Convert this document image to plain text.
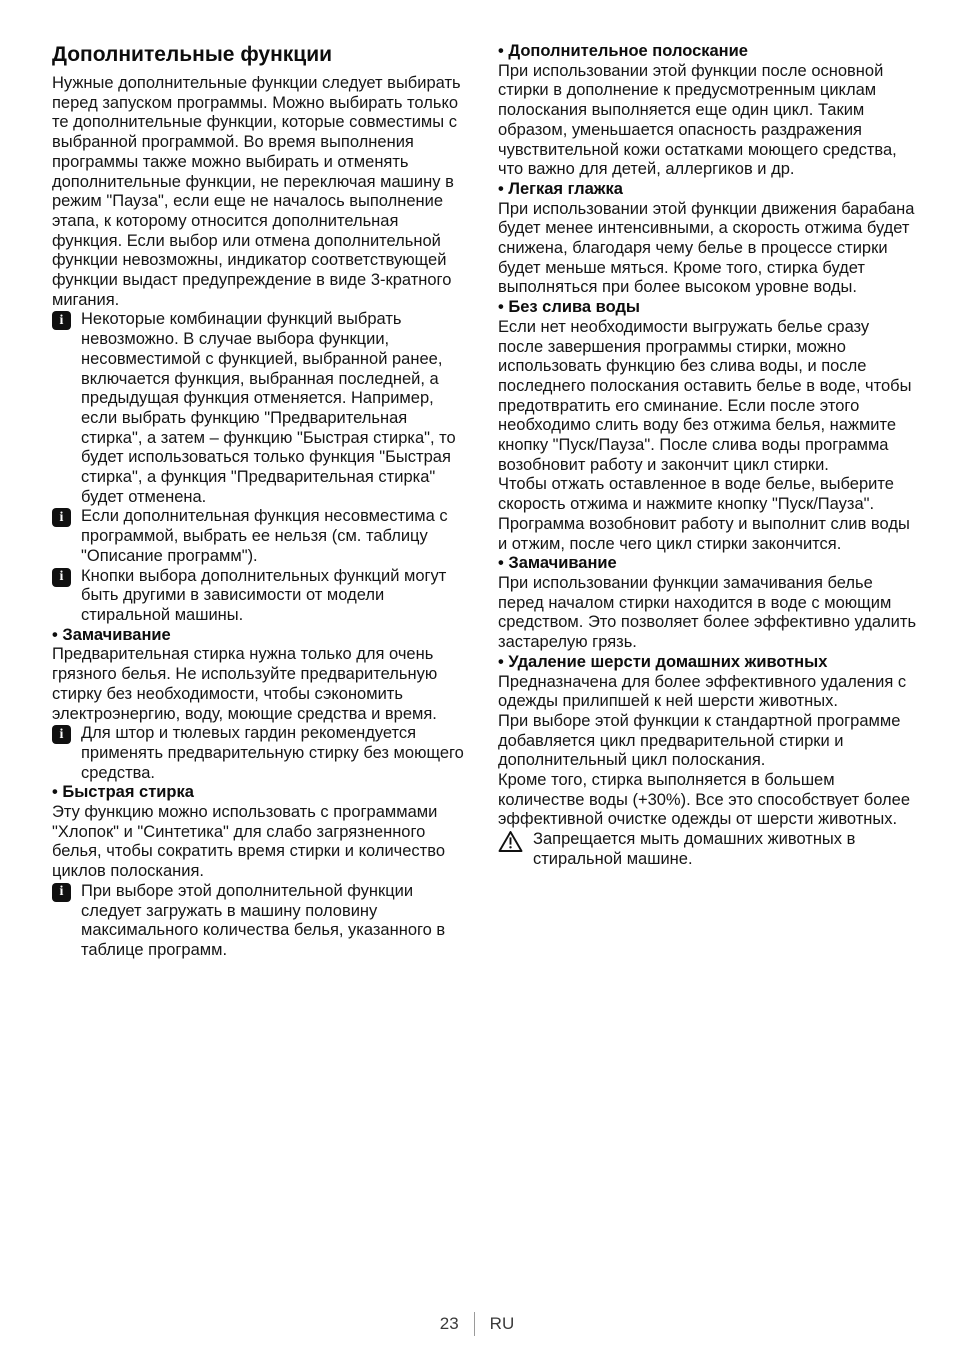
Дополнительные функции
Нужные дополнительные функции следует выбирать перед запуском программы. Можно выбирать только те дополнительные функции, которые совместимы с выбранной программой. Во время выполнения программы также можно выбирать и отменять дополнительные функции, не переключая машину в режим "Пауза", если еще не началось выполнение этапа, к которому относится дополнительная функция. Если выбор или отмена дополнительной функции невозможны, индикатор соответствующей функции выдаст предупреждение в виде 3-кратного мигания.
i	Некоторые комбинации функций выбрать невозможно. В случае выбора функции, несовместимой с функцией, выбранной ранее, включается функция, выбранная последней, а предыдущая функция отменяется. Например, если выбрать функцию "Предварительная стирка", а затем – функцию "Быстрая стирка", то будет использоваться только функция "Быстрая стирка", а функция "Предварительная стирка" будет отменена.
i	Если дополнительная функция несовместима с программой, выбрать ее нельзя (см. таблицу "Описание программ").
i	Кнопки выбора дополнительных функций могут быть другими в зависимости от модели стиральной машины.
• Замачивание
Предварительная стирка нужна только для очень грязного белья. Не используйте предварительную стирку без необходимости, чтобы сэкономить электроэнергию, воду, моющие средства и время.
i	Для штор и тюлевых гардин рекомендуется применять предварительную стирку без моющего средства.
• Быстрая стирка
Эту функцию можно использовать с программами "Хлопок" и "Синтетика" для слабо загрязненного белья, чтобы сократить время стирки и количество циклов полоскания.
i	При выборе этой дополнительной функции следует загружать в машину половину максимального количества белья, указанного в таблице программ.
• Дополнительное полоскание
При использовании этой функции после основной стирки в дополнение к предусмотренным циклам полоскания выполняется еще один цикл. Таким образом, уменьшается опасность раздражения чувствительной кожи остатками моющего средства, что важно для детей, аллергиков и др.
• Легкая глажка
При использовании этой функции движения барабана будет менее интенсивными, а скорость отжима будет снижена, благодаря чему белье в процессе стирки будет меньше мяться. Кроме того, стирка будет выполняться при более высоком уровне воды.
• Без слива воды
Если нет необходимости выгружать белье сразу после завершения программы стирки, можно использовать функцию без слива воды, и после последнего полоскания оставить белье в воде, чтобы предотвратить его сминание. Если после этого необходимо слить воду без отжима белья, нажмите кнопку "Пуск/Пауза". После слива воды программа возобновит работу и закончит цикл стирки.
Чтобы отжать оставленное в воде белье, выберите скорость отжима и нажмите кнопку "Пуск/Пауза".
Программа возобновит работу и выполнит слив воды и отжим, после чего цикл стирки закончится.
• Замачивание
При использовании функции замачивания белье перед началом стирки находится в воде с моющим средством. Это позволяет более эффективно удалить застарелую грязь.
• Удаление шерсти домашних животных
Предназначена для более эффективного удаления с одежды прилипшей к ней шерсти животных.
При выборе этой функции к стандартной программе добавляется цикл предварительной стирки и дополнительный цикл полоскания.
Кроме того, стирка выполняется в большем количестве воды (+30%). Все это способствует более эффективной очистке одежды от шерсти животных.
Запрещается мыть домашних животных в стиральной машине.
23 RU
